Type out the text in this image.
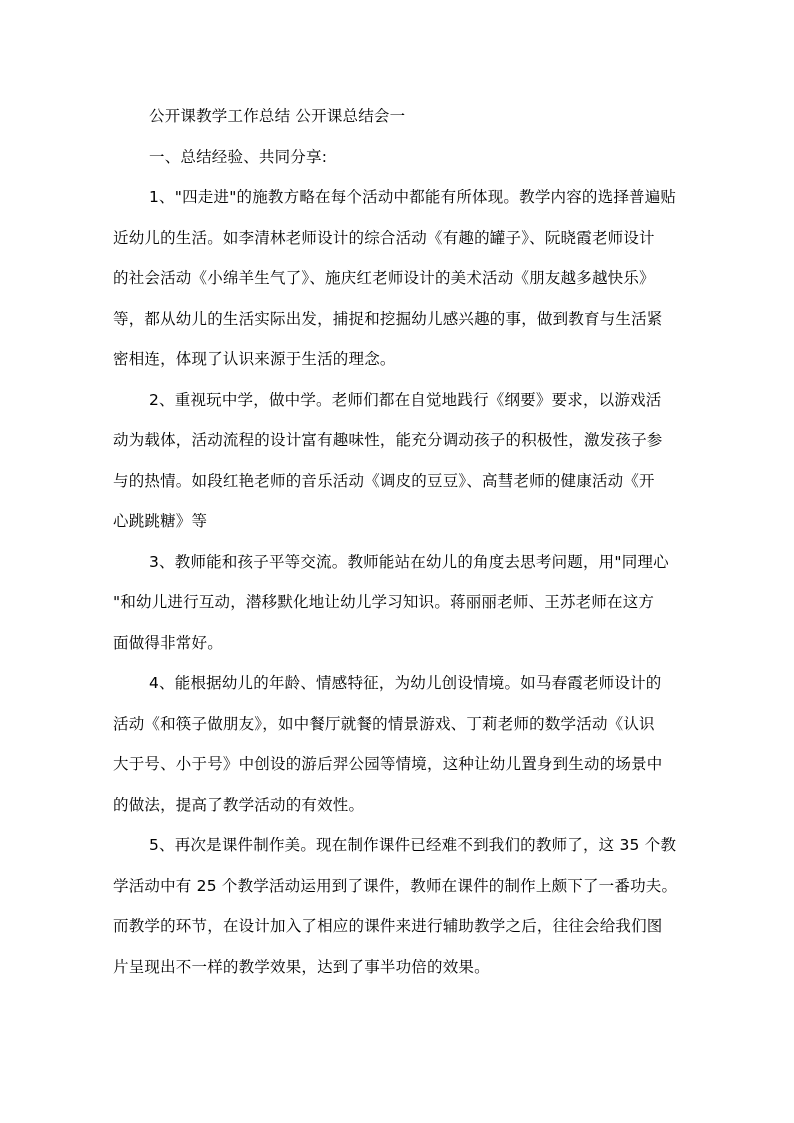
公开课教学工作总结 公开课总结会一
一、总结经验、共同分享:
1、"四走进"的施教方略在每个活动中都能有所体现。教学内容的选择普遍贴
近幼儿的生活。如李清林老师设计的综合活动《有趣的罐子》、阮晓霞老师设计
的社会活动《小绵羊生气了》、施庆红老师设计的美术活动《朋友越多越快乐》
等，都从幼儿的生活实际出发，捕捉和挖掘幼儿感兴趣的事，做到教育与生活紧
密相连，体现了认识来源于生活的理念。
2、重视玩中学，做中学。老师们都在自觉地践行《纲要》要求，以游戏活
动为载体，活动流程的设计富有趣味性，能充分调动孩子的积极性，激发孩子参
与的热情。如段红艳老师的音乐活动《调皮的豆豆》、高彗老师的健康活动《开
心跳跳糖》等
3、教师能和孩子平等交流。教师能站在幼儿的角度去思考问题，用"同理心
"和幼儿进行互动，潜移默化地让幼儿学习知识。蒋丽丽老师、王苏老师在这方
面做得非常好。
4、能根据幼儿的年龄、情感特征，为幼儿创设情境。如马春霞老师设计的
活动《和筷子做朋友》，如中餐厅就餐的情景游戏、丁莉老师的数学活动《认识
大于号、小于号》中创设的游后羿公园等情境，这种让幼儿置身到生动的场景中
的做法，提高了教学活动的有效性。
5、再次是课件制作美。现在制作课件已经难不到我们的教师了，这 35 个教
学活动中有 25 个教学活动运用到了课件，教师在课件的制作上颇下了一番功夫。
而教学的环节，在设计加入了相应的课件来进行辅助教学之后，往往会给我们图
片呈现出不一样的教学效果，达到了事半功倍的效果。
